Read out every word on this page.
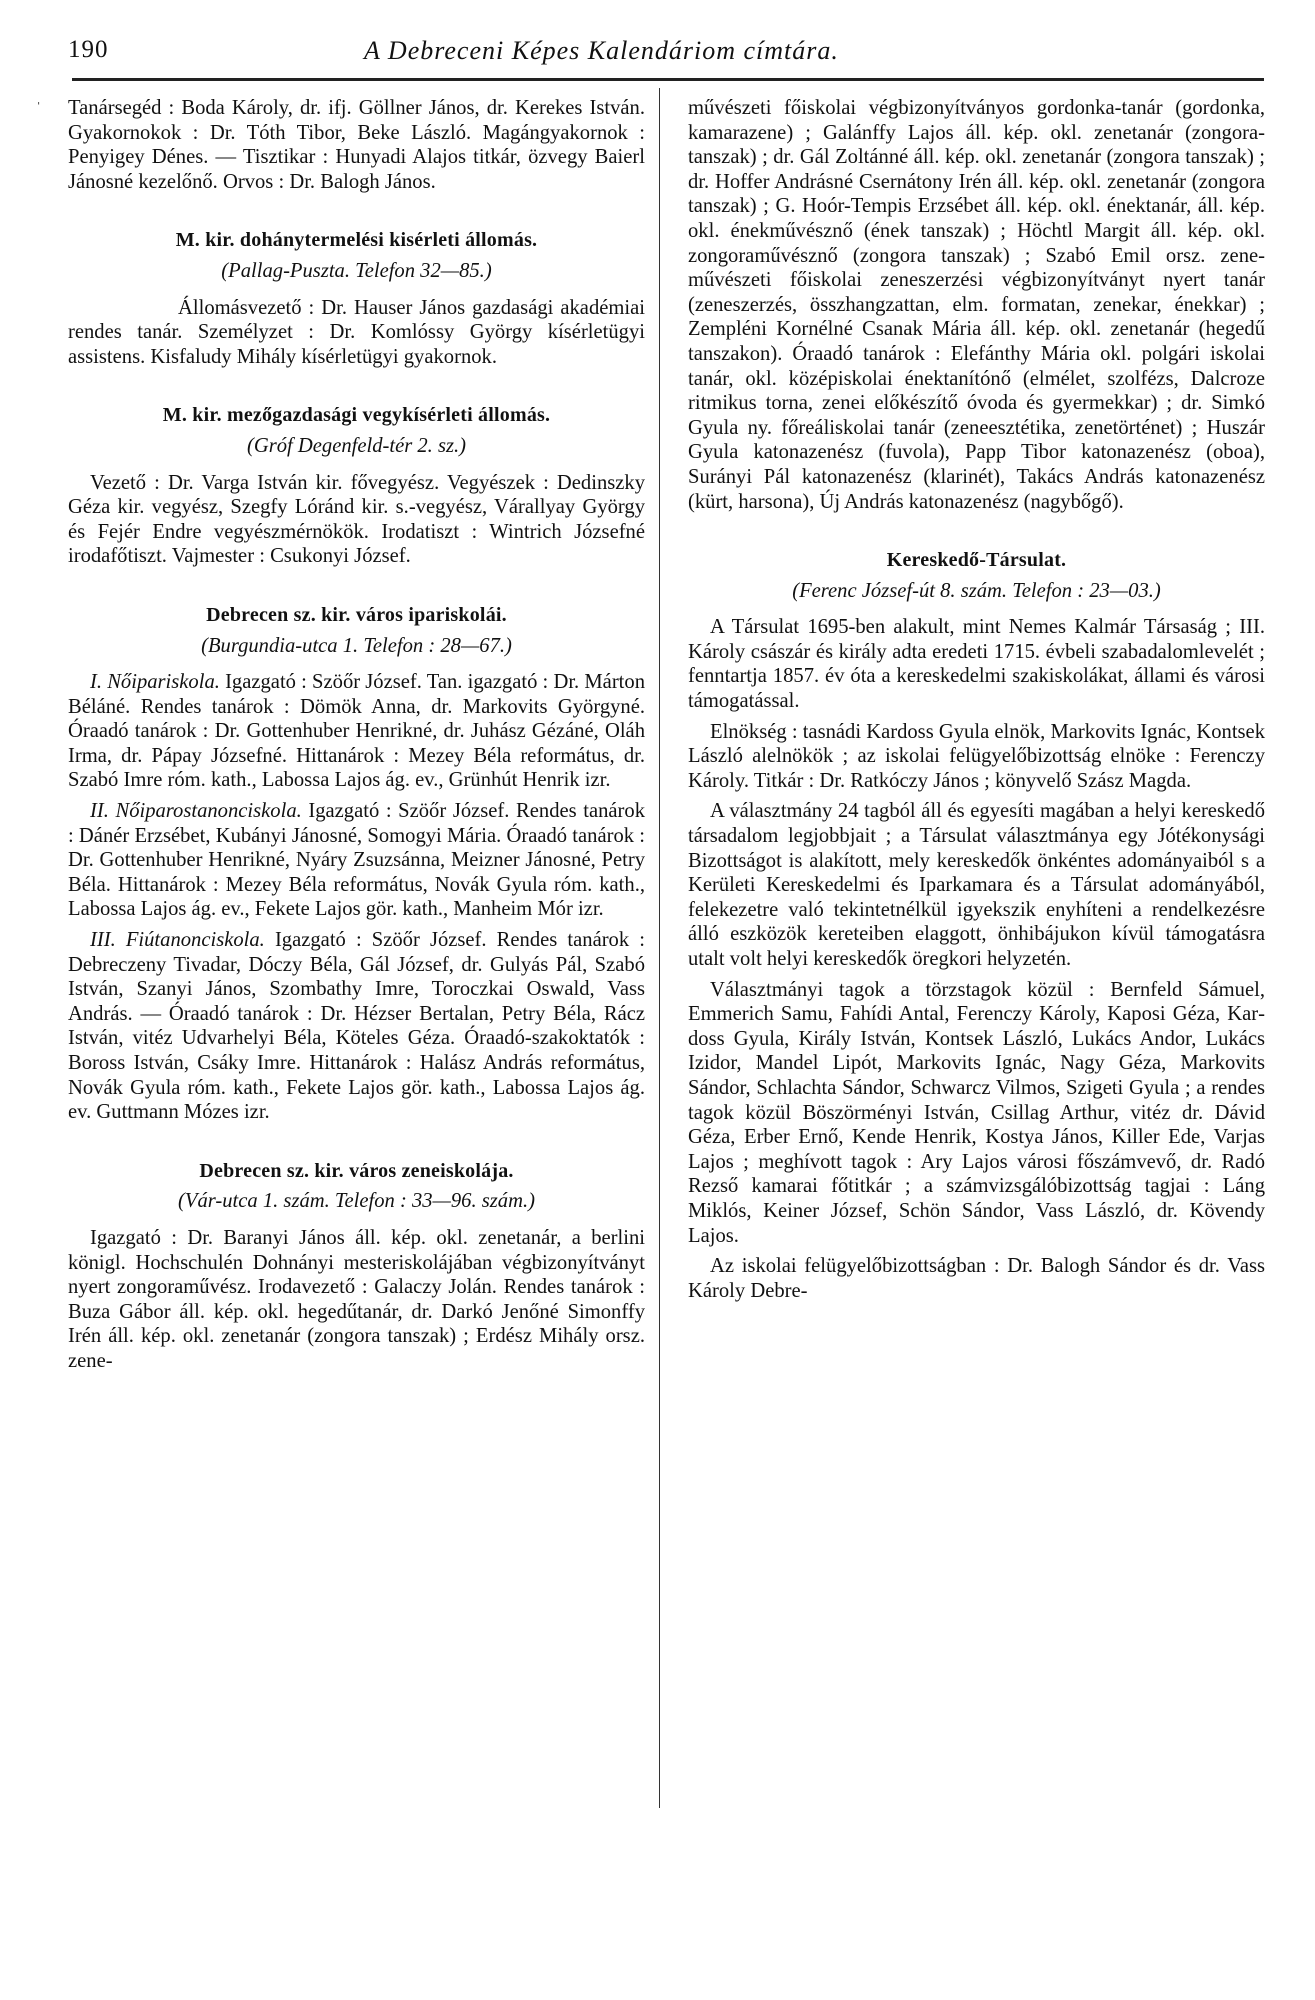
190	A Debreceni Képes Kalendáriom címtára.
ˈ Tanársegéd : Boda Károly, dr. ifj. Göllner János, dr. Kerekes István. Gyakornokok : Dr. Tóth Tibor, Beke László. Magángyakornok : Penyigey Dénes. — Tisztikar : Hunyadi Alajos titkár, özvegy Baierl Jánosné kezelőnő. Orvos : Dr. Balogh János.

M. kir. dohánytermelési kisérleti állomás.
(Pallag-Puszta. Telefon 32—85.)

Állomásvezető : Dr. Hauser János gazdasági akadémiai rendes tanár. Személyzet : Dr. Komlóssy György kísérletügyi assistens. Kisfaludy Mihály kísérletügyi gyakornok.

M. kir. mezőgazdasági vegykísérleti állomás.
(Gróf Degenfeld-tér 2. sz.)

Vezető : Dr. Varga István kir. fővegyész. Vegyészek : Dedinszky Géza kir. vegyész, Szegfy Lóránd kir. s.-vegyész, Várallyay György és Fejér Endre vegyészmérnökök. Irodatiszt : Wintrich Józsefné irodafőtiszt. Vajmester : Csukonyi József.

Debrecen sz. kir. város ipariskolái.
(Burgundia-utca 1. Telefon : 28—67.)

I. Nőipariskola. Igazgató : Szöőr József. Tan. igazgató : Dr. Márton Béláné. Rendes tanárok : Dömök Anna, dr. Markovits Györgyné. Óraadó tanárok : Dr. Gottenhuber Henrikné, dr. Juhász Gézáné, Oláh Irma, dr. Pápay Józsefné. Hittanárok : Mezey Béla református, dr. Szabó Imre róm. kath., Labossa Lajos ág. ev., Grünhút Henrik izr.

II. Nőiparostanonciskola. Igazgató : Szöőr József. Rendes tanárok : Dánér Erzsébet, Kubányi Jánosné, Somogyi Mária. Óraadó tanárok : Dr. Gottenhuber Henrikné, Nyáry Zsuzsánna, Meizner Jánosné, Petry Béla. Hittanárok : Mezey Béla református, Novák Gyula róm. kath., Labossa Lajos ág. ev., Fekete Lajos gör. kath., Manheim Mór izr.

III. Fiútanonciskola. Igazgató : Szöőr József. Rendes tanárok : Debreczeny Tivadar, Dóczy Béla, Gál József, dr. Gulyás Pál, Szabó István, Szanyi János, Szombathy Imre, Toroczkai Oswald, Vass András. — Óraadó tanárok : Dr. Hézser Bertalan, Petry Béla, Rácz István, vitéz Udvarhelyi Béla, Köteles Géza. Óraadó-szakoktatók : Boross István, Csáky Imre. Hittanárok : Halász András református, Novák Gyula róm. kath., Fekete Lajos gör. kath., Labossa Lajos ág. ev. Guttmann Mózes izr.

Debrecen sz. kir. város zeneiskolája.
(Vár-utca 1. szám. Telefon : 33—96. szám.)

Igazgató : Dr. Baranyi János áll. kép. okl. zenetanár, a berlini königl. Hochschulén Dohnányi mesteriskolájában végbizonyítványt nyert zongoraművész. Irodavezető : Galaczy Jolán. Rendes tanárok : Buza Gábor áll. kép. okl. hegedűtanár, dr. Darkó Jenőné Simonffy Irén áll. kép. okl. zenetanár (zongora tanszak) ; Erdész Mihály orsz. zene-

művészeti főiskolai végbizonyítványos gordonka-tanár (gordonka, kamarazene) ; Galánffy Lajos áll. kép. okl. zenetanár (zongoratanszak) ; dr. Gál Zoltánné áll. kép. okl. zenetanár (zongora tanszak) ; dr. Hoffer Andrásné Csernátony Irén áll. kép. okl. zenetanár (zongora tanszak) ; G. Hoór-Tempis Erzsébet áll. kép. okl. énektanár, áll. kép. okl. énekművésznő (ének tanszak) ; Höchtl Margit áll. kép. okl. zongoraművésznő (zongora tanszak) ; Szabó Emil orsz. zeneművészeti főiskolai zeneszerzési végbizonyítványt nyert tanár (zeneszerzés, összhangzattan, elm. formatan, zenekar, énekkar) ; Zempléni Kornélné Csanak Mária áll. kép. okl. zenetanár (hegedű tanszakon). Óraadó tanárok : Elefánthy Mária okl. polgári iskolai tanár, okl. középiskolai énektanítónő (elmélet, szolfézs, Dalcroze ritmikus torna, zenei előkészítő óvoda és gyermekkar) ; dr. Simkó Gyula ny. főreáliskolai tanár (zeneesztétika, zenetörténet) ; Huszár Gyula katonazenész (fuvola), Papp Tibor katonazenész (oboa), Surányi Pál katonazenész (klarinét), Takács András katonazenész (kürt, harsona), Új András katonazenész (nagybőgő).

Kereskedő-Társulat.
(Ferenc József-út 8. szám. Telefon : 23—03.)

A Társulat 1695-ben alakult, mint Nemes Kalmár Társaság ; III. Károly császár és király adta eredeti 1715. évbeli szabadalomlevelét ; fenntartja 1857. év óta a kereskedelmi szakiskolákat, állami és városi támogatással.

Elnökség : tasnádi Kardoss Gyula elnök, Markovits Ignác, Kontsek László alelnökök ; az iskolai felügyelőbizottság elnöke : Ferenczy Károly. Titkár : Dr. Ratkóczy János ; könyvelő Szász Magda.

A választmány 24 tagból áll és egyesíti magában a helyi kereskedő társadalom legjobbjait ; a Társulat választmánya egy Jótékonysági Bizottságot is alakított, mely kereskedők önkéntes adományaiból s a Kerületi Kereskedelmi és Iparkamara és a Társulat adományából, felekezetre való tekintetnélkül igyekszik enyhíteni a rendelkezésre álló eszközök kereteiben elaggott, önhibájukon kívül támogatásra utalt volt helyi kereskedők öregkori helyzetén.

Választmányi tagok a törzstagok közül : Bernfeld Sámuel, Emmerich Samu, Fahídi Antal, Ferenczy Károly, Kaposi Géza, Kardoss Gyula, Király István, Kontsek László, Lukács Andor, Lukács Izidor, Mandel Lipót, Markovits Ignác, Nagy Géza, Markovits Sándor, Schlachta Sándor, Schwarcz Vilmos, Szigeti Gyula ; a rendes tagok közül Böszörményi István, Csillag Arthur, vitéz dr. Dávid Géza, Erber Ernő, Kende Henrik, Kostya János, Killer Ede, Varjas Lajos ; meghívott tagok : Ary Lajos városi főszámvevő, dr. Radó Rezső kamarai főtitkár ; a számvizsgálóbizottság tagjai : Láng Miklós, Keiner József, Schön Sándor, Vass László, dr. Kövendy Lajos.

Az iskolai felügyelőbizottságban : Dr. Balogh Sándor és dr. Vass Károly Debre-
